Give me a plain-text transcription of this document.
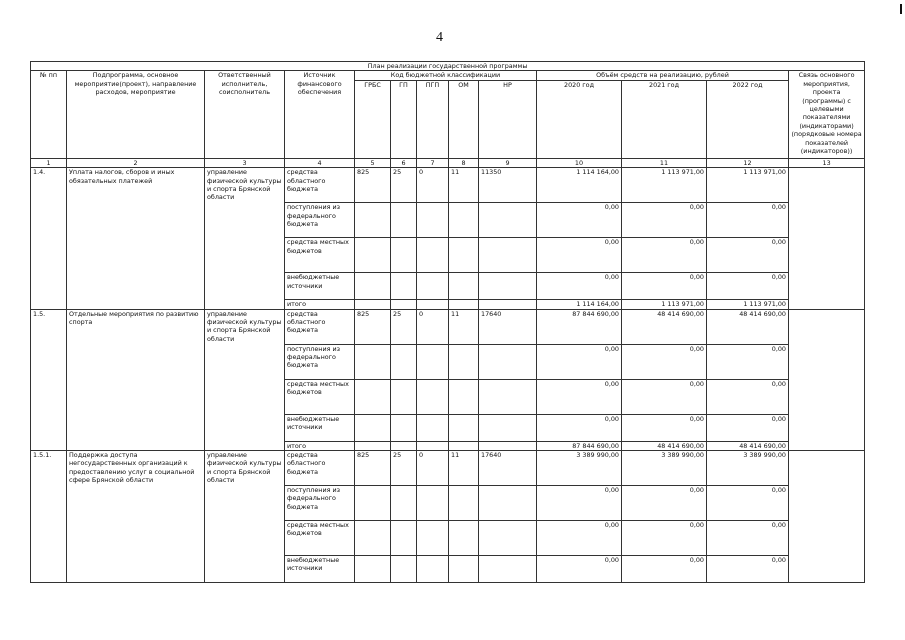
4
План реализации государственной программы												
№ пп	Подпрограмма, основное мероприятие(проект), направление расходов, мероприятие	Ответственный исполнитель, соисполнитель	Источник финансового обеспечения	Код бюджетной классификации					Объём средств на реализацию, рублей			Связь основного мероприятия, проекта (программы) с целевыми показателями (индикаторами) (порядковые номера показателей (индикаторов))
				ГРБС	ГП	ПГП	ОМ	НР	2020 год	2021 год	2022 год	
1	2	3	4	5	6	7	8	9	10	11	12	13
1.4.	Уплата налогов, сборов и иных обязательных платежей	управление физической культуры и спорта Брянской области	средства областного бюджета	825	25	0	11	11350	1 114 164,00	1 113 971,00	1 113 971,00	
			поступления из федерального бюджета						0,00	0,00	0,00	
			средства местных бюджетов						0,00	0,00	0,00	
			внебюджетные источники						0,00	0,00	0,00	
			итого						1 114 164,00	1 113 971,00	1 113 971,00	
1.5.	Отдельные мероприятия по развитию спорта	управление физической культуры и спорта Брянской области	средства областного бюджета	825	25	0	11	17640	87 844 690,00	48 414 690,00	48 414 690,00	
			поступления из федерального бюджета						0,00	0,00	0,00	
			средства местных бюджетов						0,00	0,00	0,00	
			внебюджетные источники						0,00	0,00	0,00	
			итого						87 844 690,00	48 414 690,00	48 414 690,00	
1.5.1.	Поддержка доступа негосударственных организаций к предоставлению услуг в социальной сфере Брянской области	управление физической культуры и спорта Брянской области	средства областного бюджета	825	25	0	11	17640	3 389 990,00	3 389 990,00	3 389 990,00	
			поступления из федерального бюджета						0,00	0,00	0,00	
			средства местных бюджетов						0,00	0,00	0,00	
			внебюджетные источники						0,00	0,00	0,00	
